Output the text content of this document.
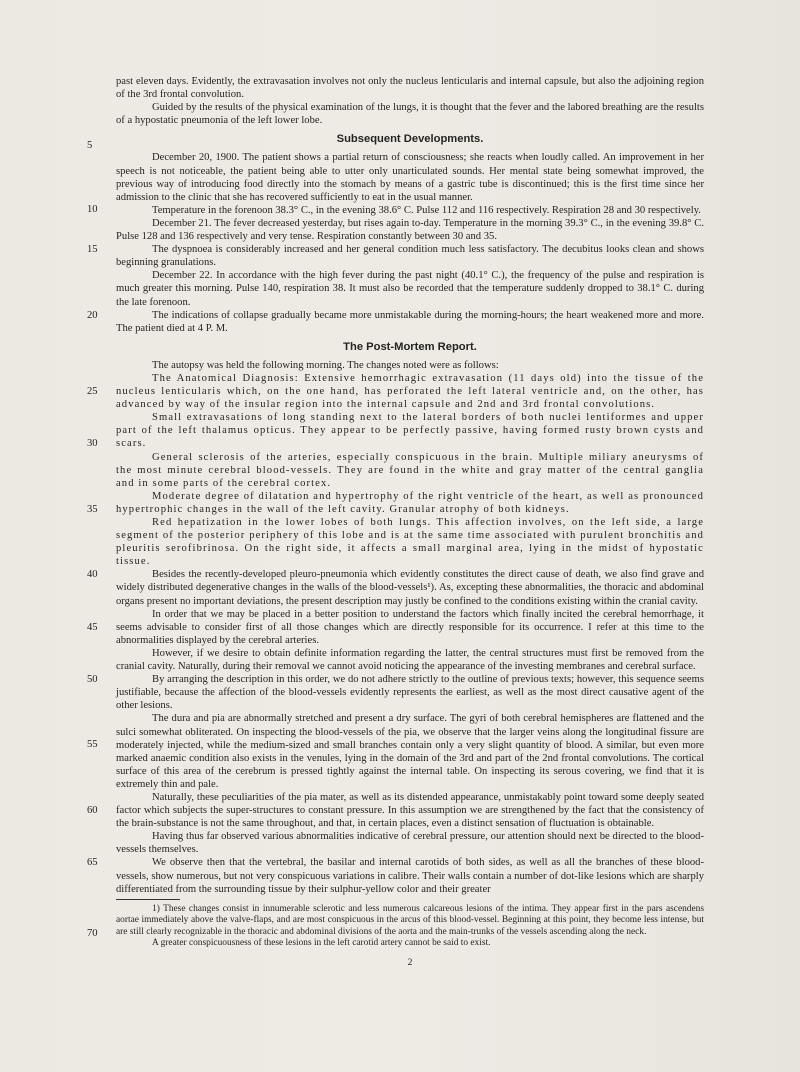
past eleven days. Evidently, the extravasation involves not only the nucleus lenticularis and internal capsule, but also the adjoining region of the 3rd frontal convolution.

Guided by the results of the physical examination of the lungs, it is thought that the fever and the labored breathing are the results of a hypostatic pneumonia of the left lower lobe.

5
Subsequent Developments.
10

December 20, 1900. The patient shows a partial return of consciousness; she reacts when loudly called. An improvement in her speech is not noticeable, the patient being able to utter only unarticulated sounds. Her mental state being somewhat improved, the previous way of introducing food directly into the stomach by means of a gastric tube is discontinued; this is the first time since her admission to the clinic that she has recovered sufficiently to eat in the usual manner.

Temperature in the forenoon 38.3° C., in the evening 38.6° C. Pulse 112 and 116 respectively. Respiration 28 and 30 respectively.

December 21. The fever decreased yesterday, but rises again to-day. Temperature in the morning 39.3° C., in the evening 39.8° C. Pulse 128 and 136 respectively and very tense. Respiration constantly between 30 and 35.

15	The dyspnoea is considerably increased and her general condition much less satisfactory. The decubitus looks clean and shows beginning granulations.

December 22. In accordance with the high fever during the past night (40.1° C.), the frequency of the pulse and respiration is much greater this morning. Pulse 140, respiration 38. It must also be recorded that the temperature suddenly dropped to 38.1° C. during the late forenoon.

20	The indications of collapse gradually became more unmistakable during the morning-hours; the heart weakened more and more. The patient died at 4 P. M.

The Post-Mortem Report.

The autopsy was held the following morning. The changes noted were as follows:

25

The Anatomical Diagnosis: Extensive hemorrhagic extravasation (11 days old) into the tissue of the nucleus lenticularis which, on the one hand, has perforated the left lateral ventricle and, on the other, has advanced by way of the insular region into the internal capsule and 2nd and 3rd frontal convolutions.

30

Small extravasations of long standing next to the lateral borders of both nuclei lentiformes and upper part of the left thalamus opticus. They appear to be perfectly passive, having formed rusty brown cysts and scars.

General sclerosis of the arteries, especially conspicuous in the brain. Multiple miliary aneurysms of the most minute cerebral blood-vessels. They are found in the white and gray matter of the central ganglia and in some parts of the cerebral cortex.

35

Moderate degree of dilatation and hypertrophy of the right ventricle of the heart, as well as pronounced hypertrophic changes in the wall of the left cavity. Granular atrophy of both kidneys.

Red hepatization in the lower lobes of both lungs. This affection involves, on the left side, a large segment of the posterior periphery of this lobe and is at the same time associated with purulent bronchitis and pleuritis serofibrinosa. On the right side, it affects a small marginal area, lying in the midst of hypostatic tissue.

40	Besides the recently-developed pleuro-pneumonia which evidently constitutes the direct cause of death, we also find grave and widely distributed degenerative changes in the walls of the blood-vessels¹). As, excepting these abnormalities, the thoracic and abdominal organs present no important deviations, the present description may justly be confined to the conditions existing within the cranial cavity.

45

In order that we may be placed in a better position to understand the factors which finally incited the cerebral hemorrhage, it seems advisable to consider first of all those changes which are directly responsible for its occurrence. I refer at this time to the abnormalities displayed by the cerebral arteries.

However, if we desire to obtain definite information regarding the latter, the central structures must first be removed from the cranial cavity. Naturally, during their removal we cannot avoid noticing the appearance of the investing membranes and cerebral surface.

50	By arranging the description in this order, we do not adhere strictly to the outline of previous texts; however, this sequence seems justifiable, because the affection of the blood-vessels evidently represents the earliest, as well as the most direct causative agent of the other lesions.

55

The dura and pia are abnormally stretched and present a dry surface. The gyri of both cerebral hemispheres are flattened and the sulci somewhat obliterated. On inspecting the blood-vessels of the pia, we observe that the larger veins along the longitudinal fissure are moderately injected, while the medium-sized and small branches contain only a very slight quantity of blood. A similar, but even more marked anaemic condition also exists in the venules, lying in the domain of the 3rd and part of the 2nd frontal convolutions. The cortical surface of this area of the cerebrum is pressed tightly against the internal table. On inspecting its serous covering, we find that it is extremely thin and pale.

60

Naturally, these peculiarities of the pia mater, as well as its distended appearance, unmistakably point toward some deeply seated factor which subjects the super-structures to constant pressure. In this assumption we are strengthened by the fact that the consistency of the brain-substance is not the same throughout, and that, in certain places, even a distinct sensation of fluctuation is obtainable.

Having thus far observed various abnormalities indicative of cerebral pressure, our attention should next be directed to the blood-vessels themselves.

65	We observe then that the vertebral, the basilar and internal carotids of both sides, as well as all the branches of these blood-vessels, show numerous, but not very conspicuous variations in calibre. Their walls contain a number of dot-like lesions which are sharply differentiated from the surrounding tissue by their sulphur-yellow color and their greater

70

1) These changes consist in innumerable sclerotic and less numerous calcareous lesions of the intima. They appear first in the pars ascendens aortae immediately above the valve-flaps, and are most conspicuous in the arcus of this blood-vessel. Beginning at this point, they become less intense, but are still clearly recognizable in the thoracic and abdominal divisions of the aorta and the main-trunks of the vessels ascending along the neck.

A greater conspicuousness of these lesions in the left carotid artery cannot be said to exist.

2
